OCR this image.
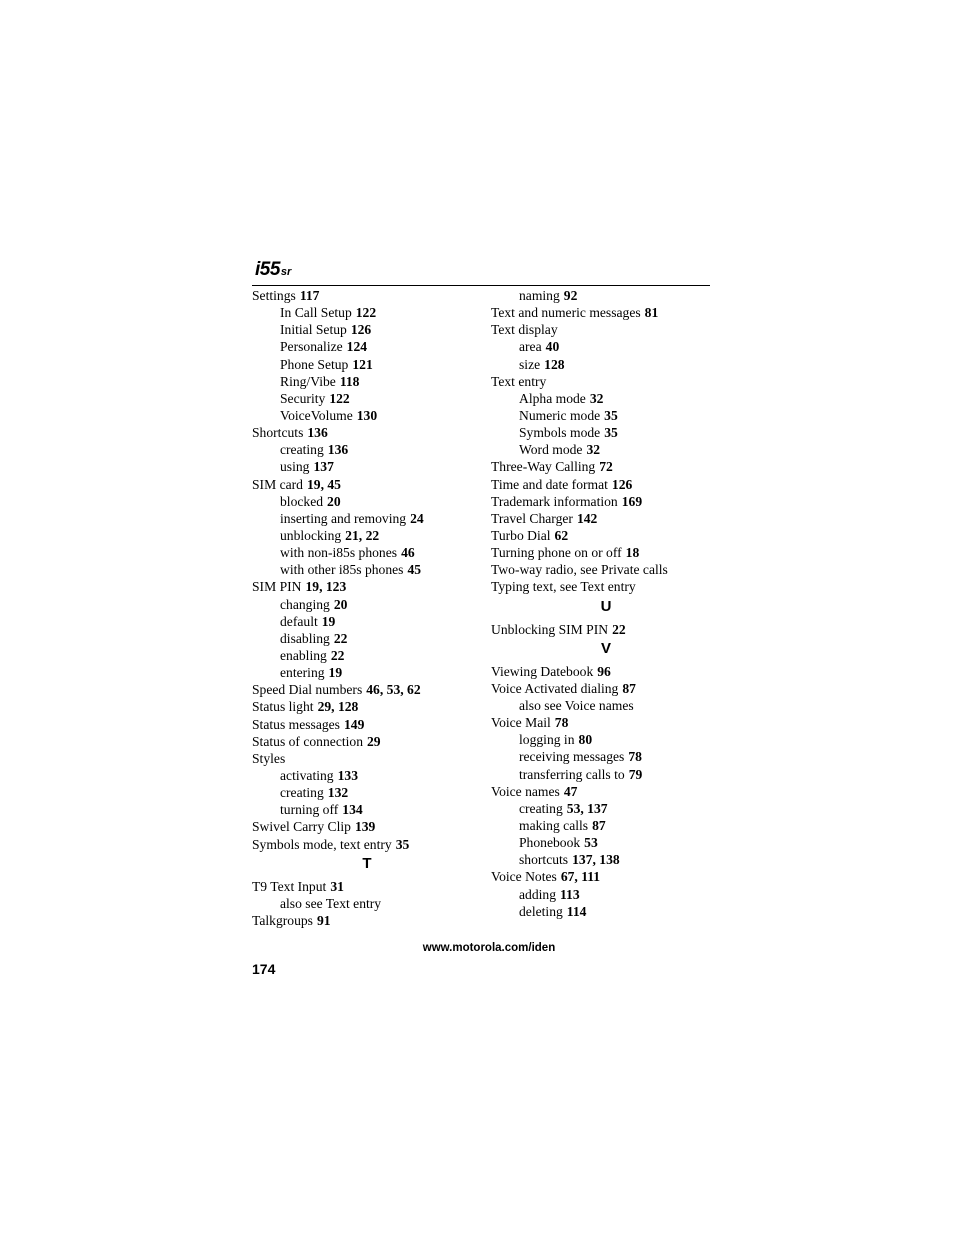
i55sr
Settings 117
In Call Setup 122
Initial Setup 126
Personalize 124
Phone Setup 121
Ring/Vibe 118
Security 122
VoiceVolume 130
Shortcuts 136
creating 136
using 137
SIM card 19, 45
blocked 20
inserting and removing 24
unblocking 21, 22
with non-i85s phones 46
with other i85s phones 45
SIM PIN 19, 123
changing 20
default 19
disabling 22
enabling 22
entering 19
Speed Dial numbers 46, 53, 62
Status light 29, 128
Status messages 149
Status of connection 29
Styles
activating 133
creating 132
turning off 134
Swivel Carry Clip 139
Symbols mode, text entry 35
T
T9 Text Input 31
also see Text entry
Talkgroups 91
naming 92
Text and numeric messages 81
Text display
area 40
size 128
Text entry
Alpha mode 32
Numeric mode 35
Symbols mode 35
Word mode 32
Three-Way Calling 72
Time and date format 126
Trademark information 169
Travel Charger 142
Turbo Dial 62
Turning phone on or off 18
Two-way radio, see Private calls
Typing text, see Text entry
U
Unblocking SIM PIN 22
V
Viewing Datebook 96
Voice Activated dialing 87
also see Voice names
Voice Mail 78
logging in 80
receiving messages 78
transferring calls to 79
Voice names 47
creating 53, 137
making calls 87
Phonebook 53
shortcuts 137, 138
Voice Notes 67, 111
adding 113
deleting 114
www.motorola.com/iden
174
